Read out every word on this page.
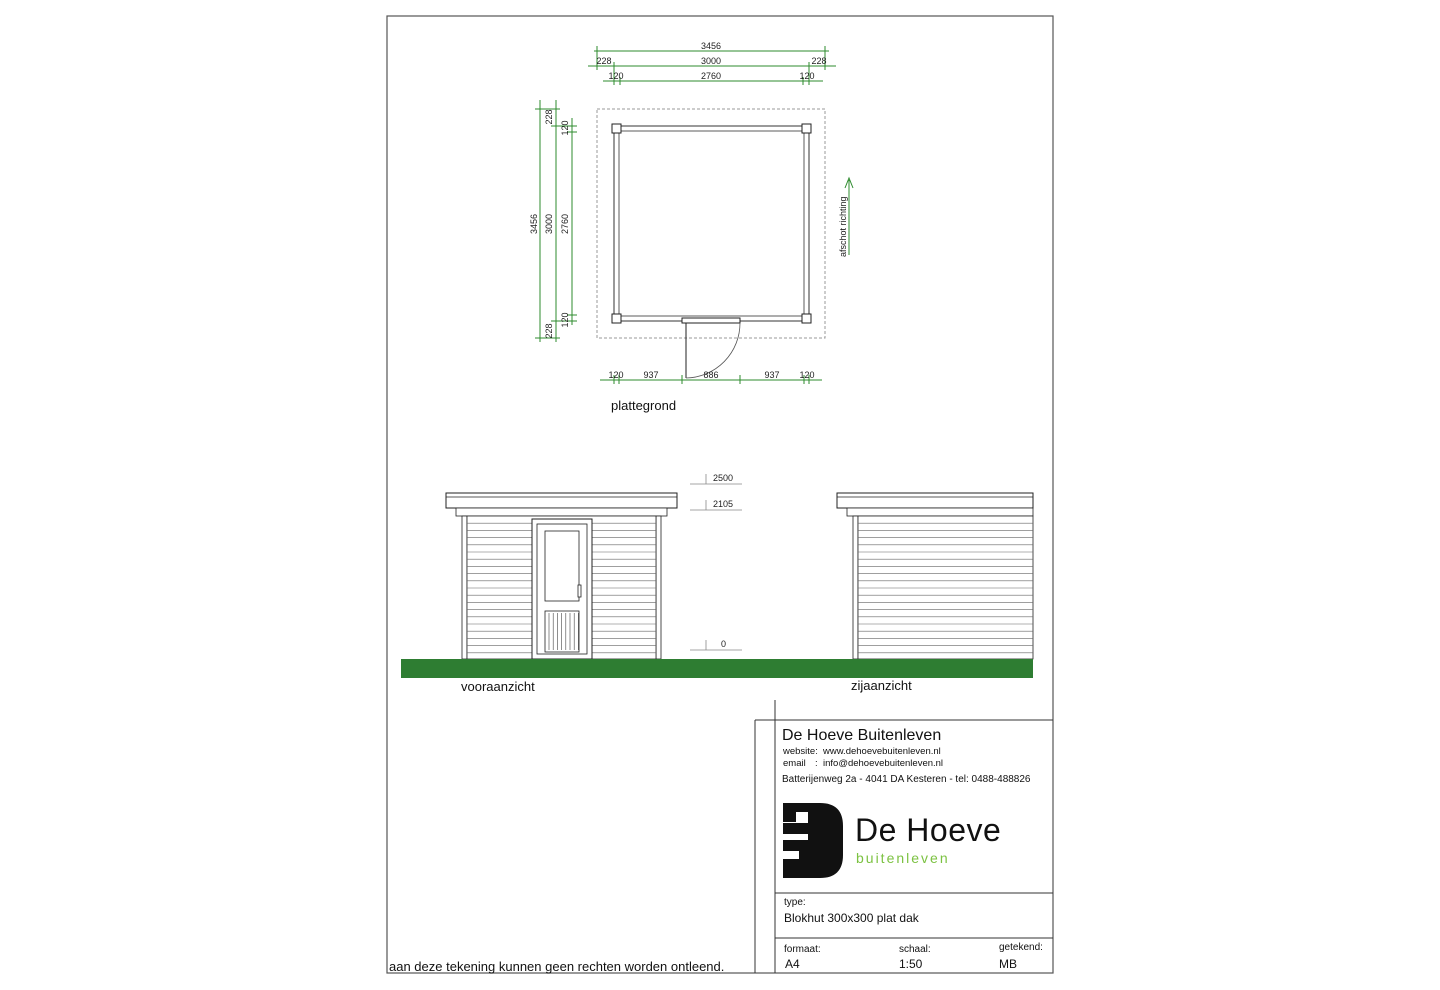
afschot richting
3456
228	3000	228
120	2760	120
3456
228
3000
228
120
2760
120
120 937	886	937 120
plattegrond
2500
2105
0
vooraanzicht	zijaanzicht
De Hoeve Buitenleven
website: www.dehoevebuitenleven.nl
email : info@dehoevebuitenleven.nl
Batterijenweg 2a - 4041 DA Kesteren - tel: 0488-488826
De Hoeve
buitenleven
type:
Blokhut 300x300 plat dak
formaat:
A4
schaal:
1:50
getekend:
MB
aan deze tekening kunnen geen rechten worden ontleend.
